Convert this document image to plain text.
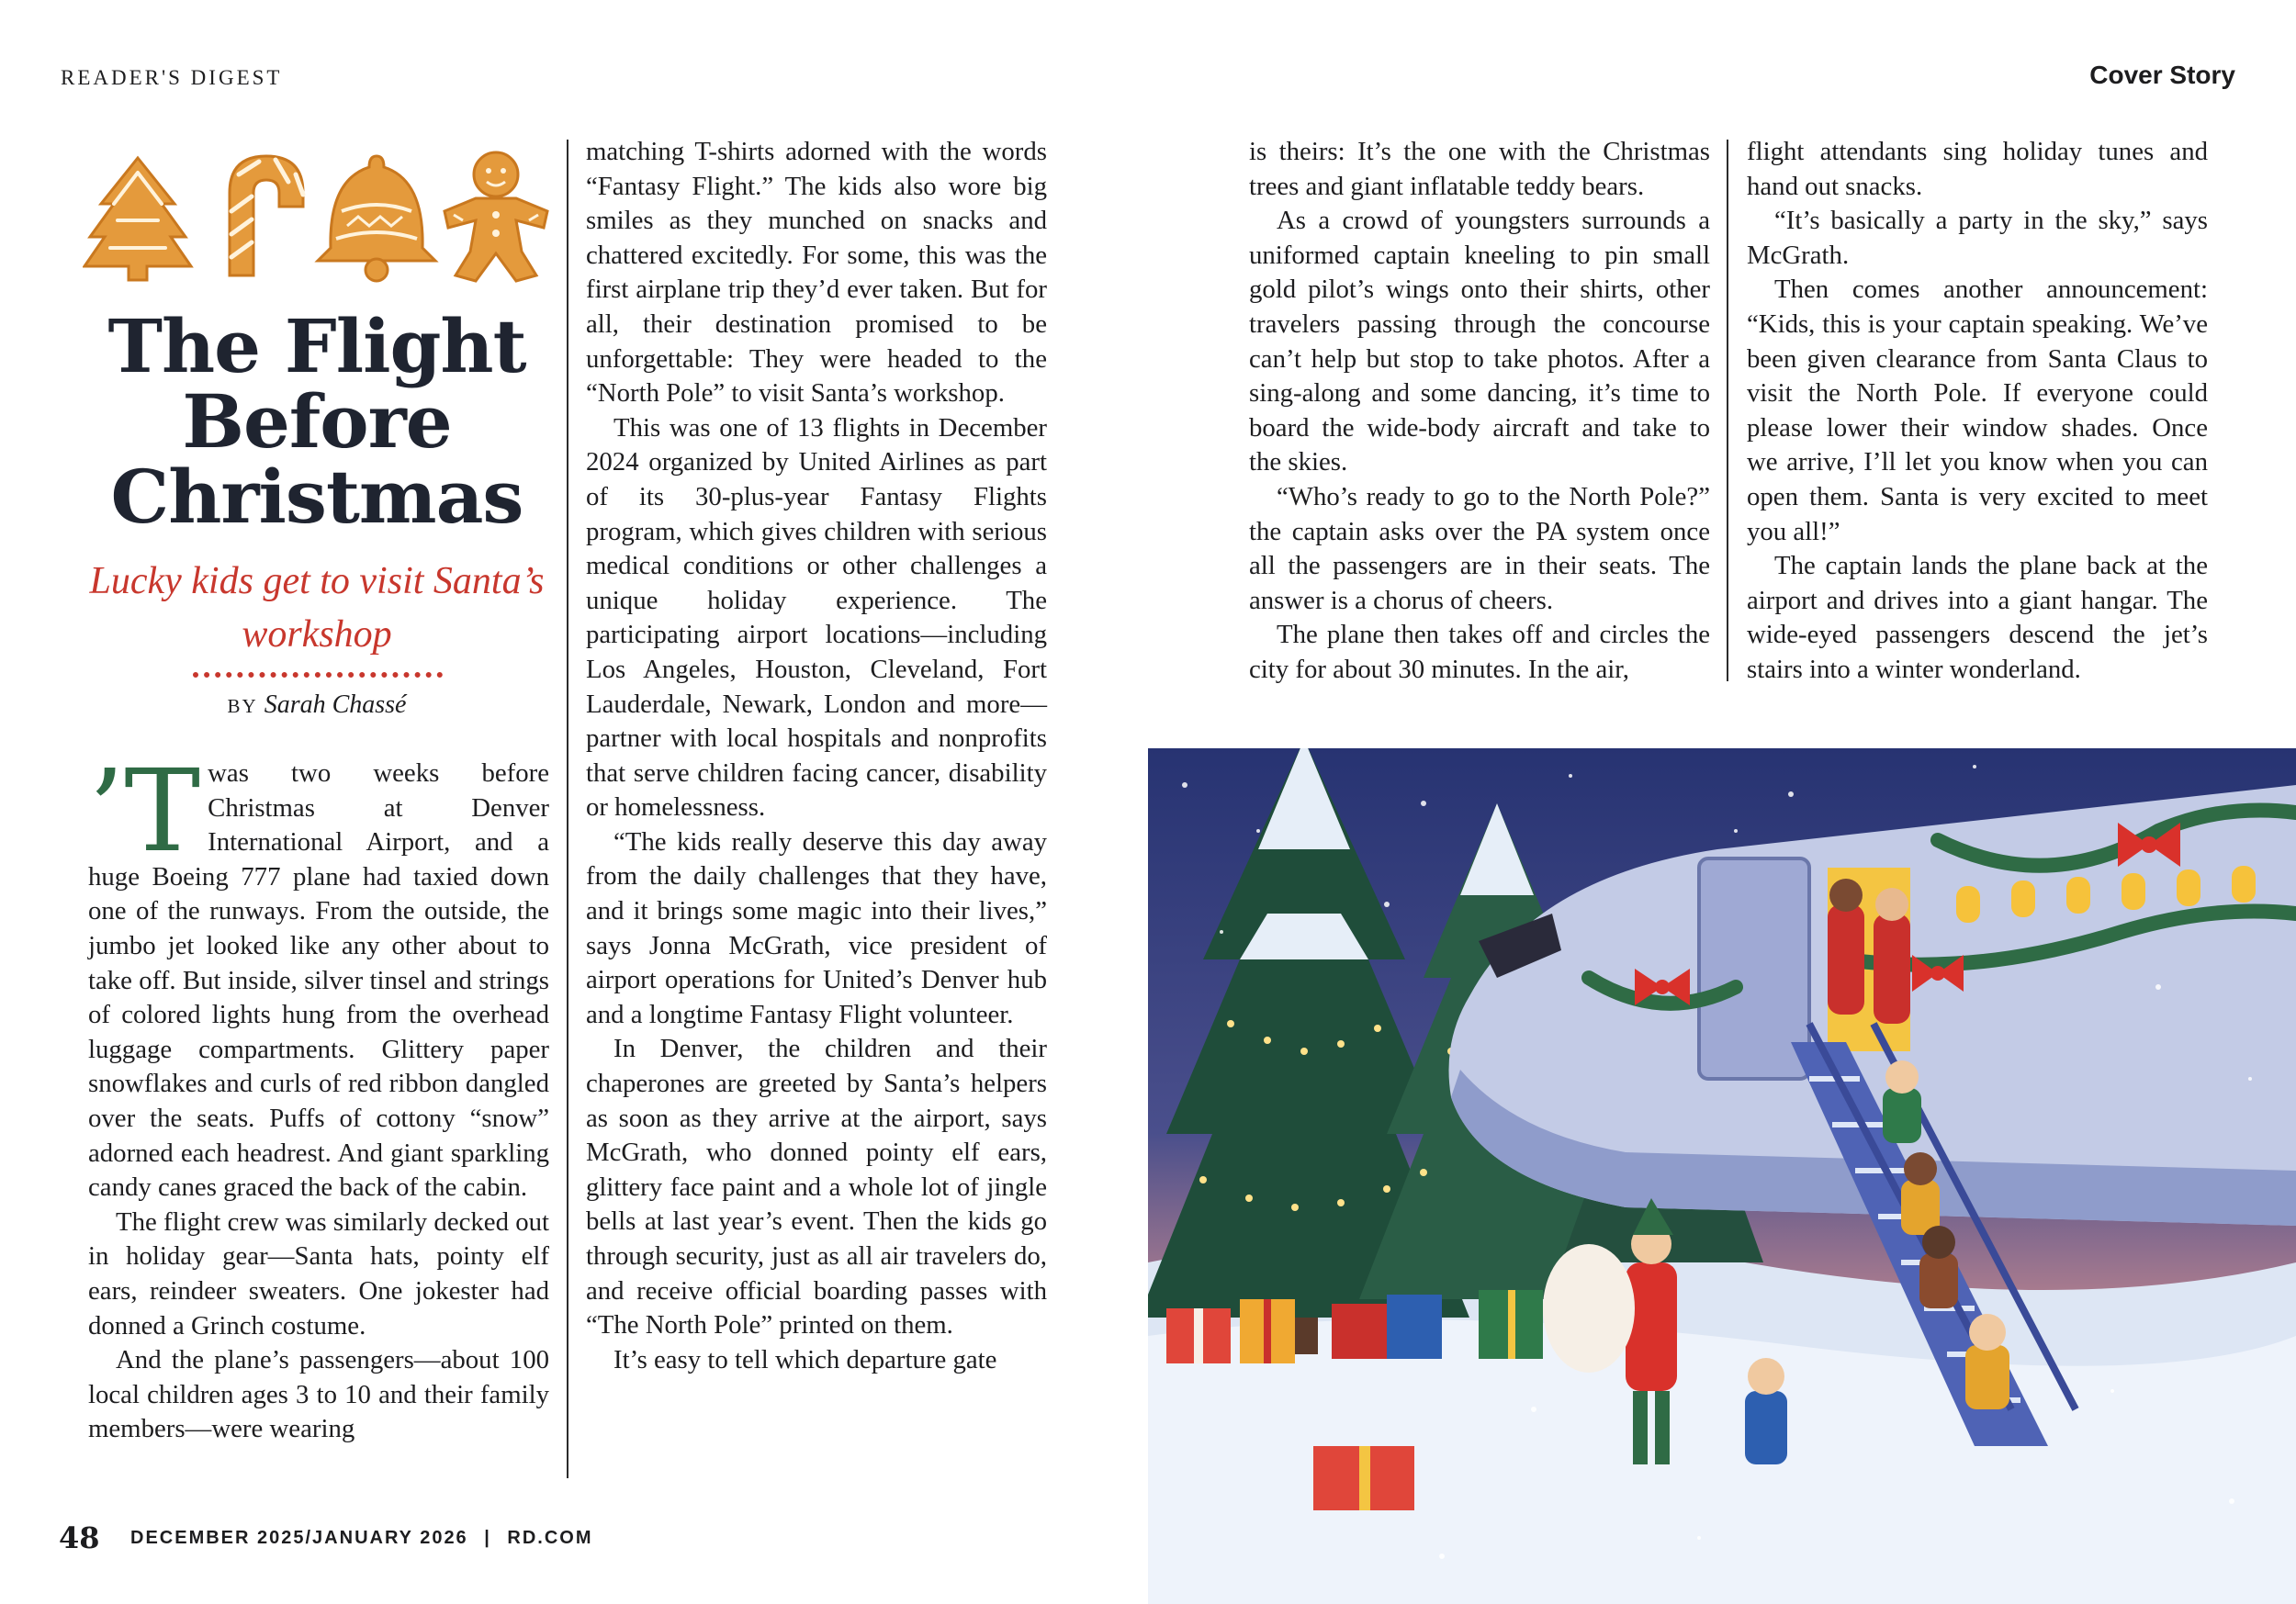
READER'S DIGEST	Cover Story
The Flight Before Christmas
Lucky kids get to visit Santa’s workshop
BY Sarah Chassé
’T was two weeks before Christmas at Denver International Airport, and a huge Boeing 777 plane had taxied down one of the runways. From the outside, the jumbo jet looked like any other about to take off. But inside, silver tinsel and strings of colored lights hung from the overhead luggage compartments. Glittery paper snowflakes and curls of red ribbon dangled over the seats. Puffs of cottony “snow” adorned each headrest. And giant sparkling candy canes graced the back of the cabin.

The flight crew was similarly decked out in holiday gear—Santa hats, pointy elf ears, reindeer sweaters. One jokester had donned a Grinch costume.

And the plane’s passengers—about 100 local children ages 3 to 10 and their family members—were wearing

matching T-shirts adorned with the words “Fantasy Flight.” The kids also wore big smiles as they munched on snacks and chattered excitedly. For some, this was the first airplane trip they’d ever taken. But for all, their destination promised to be unforgettable: They were headed to the “North Pole” to visit Santa’s workshop.

This was one of 13 flights in December 2024 organized by United Airlines as part of its 30-plus-year Fantasy Flights program, which gives children with serious medical conditions or other challenges a unique holiday experience. The participating airport locations—including Los Angeles, Houston, Cleveland, Fort Lauderdale, Newark, London and more—partner with local hospitals and nonprofits that serve children facing cancer, disability or homelessness.

“The kids really deserve this day away from the daily challenges that they have, and it brings some magic into their lives,” says Jonna McGrath, vice president of airport operations for United’s Denver hub and a longtime Fantasy Flight volunteer.

In Denver, the children and their chaperones are greeted by Santa’s helpers as soon as they arrive at the airport, says McGrath, who donned pointy elf ears, glittery face paint and a whole lot of jingle bells at last year’s event. Then the kids go through security, just as all air travelers do, and receive official boarding passes with “The North Pole” printed on them.

It’s easy to tell which departure gate

is theirs: It’s the one with the Christmas trees and giant inflatable teddy bears.

As a crowd of youngsters surrounds a uniformed captain kneeling to pin small gold pilot’s wings onto their shirts, other travelers passing through the concourse can’t help but stop to take photos. After a sing-along and some dancing, it’s time to board the wide-body aircraft and take to the skies.

“Who’s ready to go to the North Pole?” the captain asks over the PA system once all the passengers are in their seats. The answer is a chorus of cheers.

The plane then takes off and circles the city for about 30 minutes. In the air,

flight attendants sing holiday tunes and hand out snacks.

“It’s basically a party in the sky,” says McGrath.

Then comes another announcement: “Kids, this is your captain speaking. We’ve been given clearance from Santa Claus to visit the North Pole. If everyone could please lower their window shades. Once we arrive, I’ll let you know when you can open them. Santa is very excited to meet you all!”

The captain lands the plane back at the airport and drives into a giant hangar. The wide-eyed passengers descend the jet’s stairs into a winter wonderland.

48 DECEMBER 2025/JANUARY 2026 | RD.COM
